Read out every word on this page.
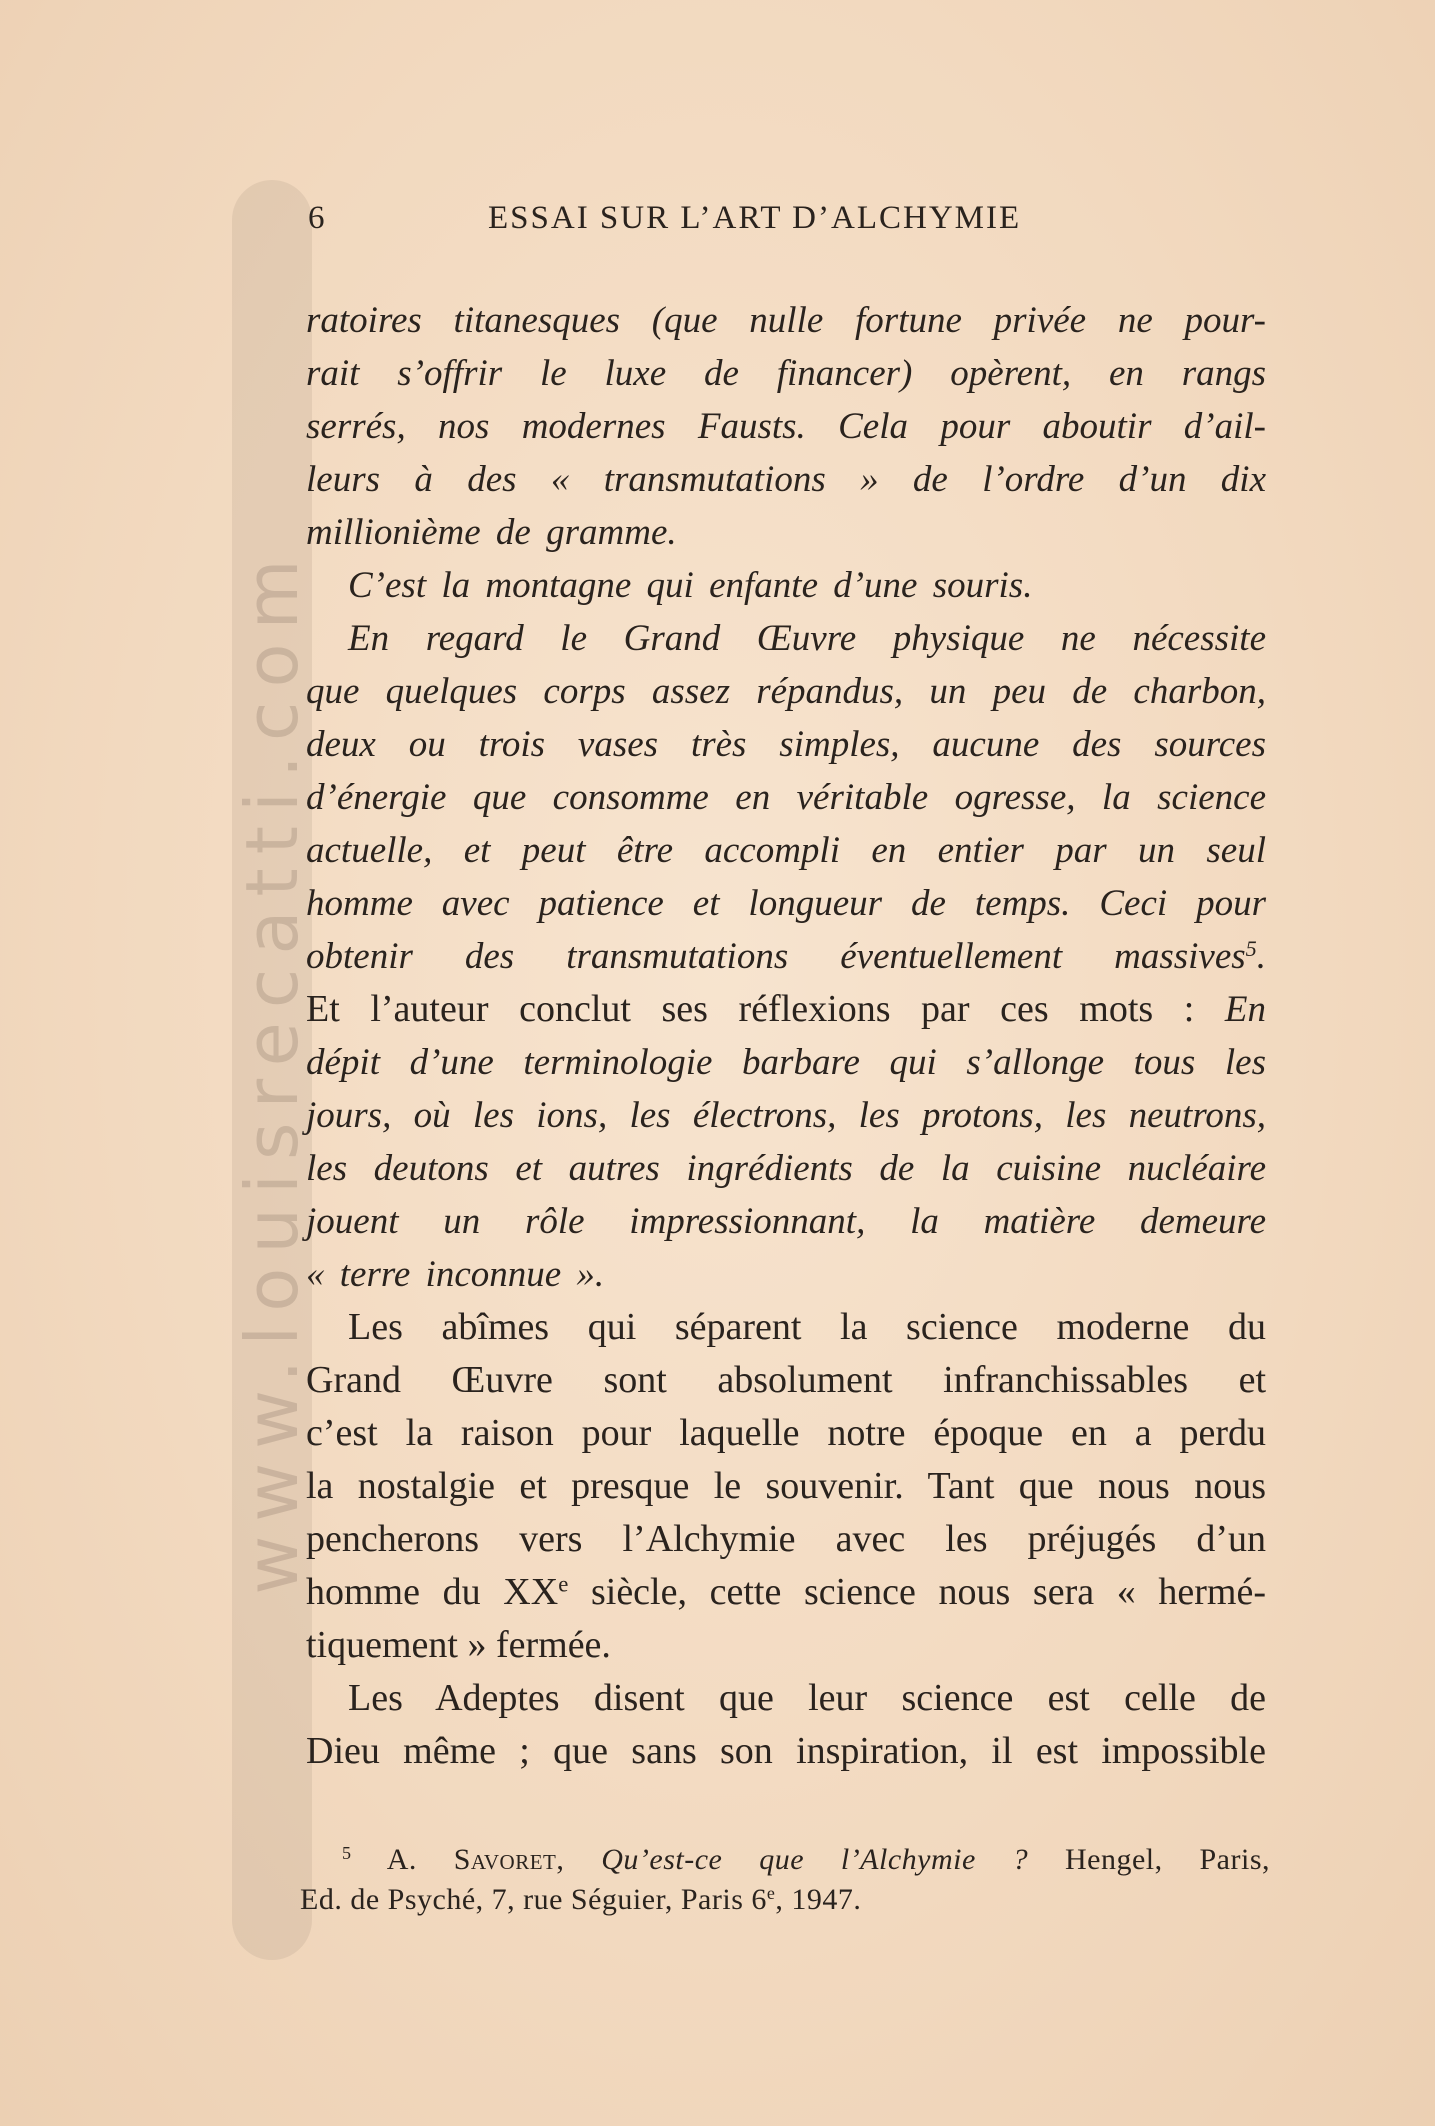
www.louisrecatti.com
6	ESSAI SUR L’ART D’ALCHYMIE
ratoires titanesques (que nulle fortune privée ne pour-
rait s’offrir le luxe de financer) opèrent, en rangs
serrés, nos modernes Fausts. Cela pour aboutir d’ail-
leurs à des « transmutations » de l’ordre d’un dix
millionième de gramme.
C’est la montagne qui enfante d’une souris.
En regard le Grand Œuvre physique ne nécessite
que quelques corps assez répandus, un peu de charbon,
deux ou trois vases très simples, aucune des sources
d’énergie que consomme en véritable ogresse, la science
actuelle, et peut être accompli en entier par un seul
homme avec patience et longueur de temps. Ceci pour
obtenir des transmutations éventuellement massives$^5$.
Et l’auteur conclut ses réflexions par ces mots : En
dépit d’une terminologie barbare qui s’allonge tous les
jours, où les ions, les électrons, les protons, les neutrons,
les deutons et autres ingrédients de la cuisine nucléaire
jouent un rôle impressionnant, la matière demeure
« terre inconnue ».
Les abîmes qui séparent la science moderne du
Grand Œuvre sont absolument infranchissables et
c’est la raison pour laquelle notre époque en a perdu
la nostalgie et presque le souvenir. Tant que nous nous
pencherons vers l’Alchymie avec les préjugés d’un
homme du XXe siècle, cette science nous sera « hermé-
tiquement » fermée.
Les Adeptes disent que leur science est celle de
Dieu même ; que sans son inspiration, il est impossible
$^5$ A. Savoret, Qu’est-ce que l’Alchymie ? Hengel, Paris,
Ed. de Psyché, 7, rue Séguier, Paris 6e, 1947.
